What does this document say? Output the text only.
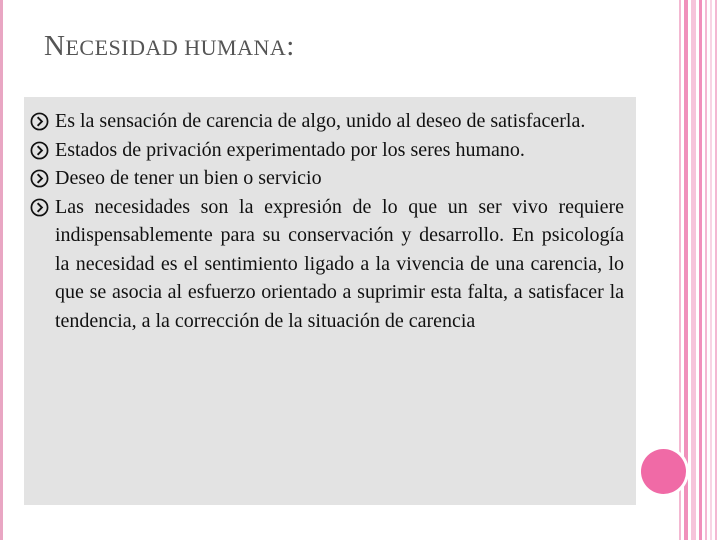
NECESIDAD HUMANA:
Es la sensación de carencia de algo, unido al deseo de satisfacerla.
Estados de privación experimentado por los seres humano.
Deseo de tener un bien o servicio
Las necesidades son la expresión de lo que un ser vivo requiere indispensablemente para su conservación y desarrollo. En psicología la necesidad es el sentimiento ligado a la vivencia de una carencia, lo que se asocia al esfuerzo orientado a suprimir esta falta, a satisfacer la tendencia, a la corrección de la situación de carencia
